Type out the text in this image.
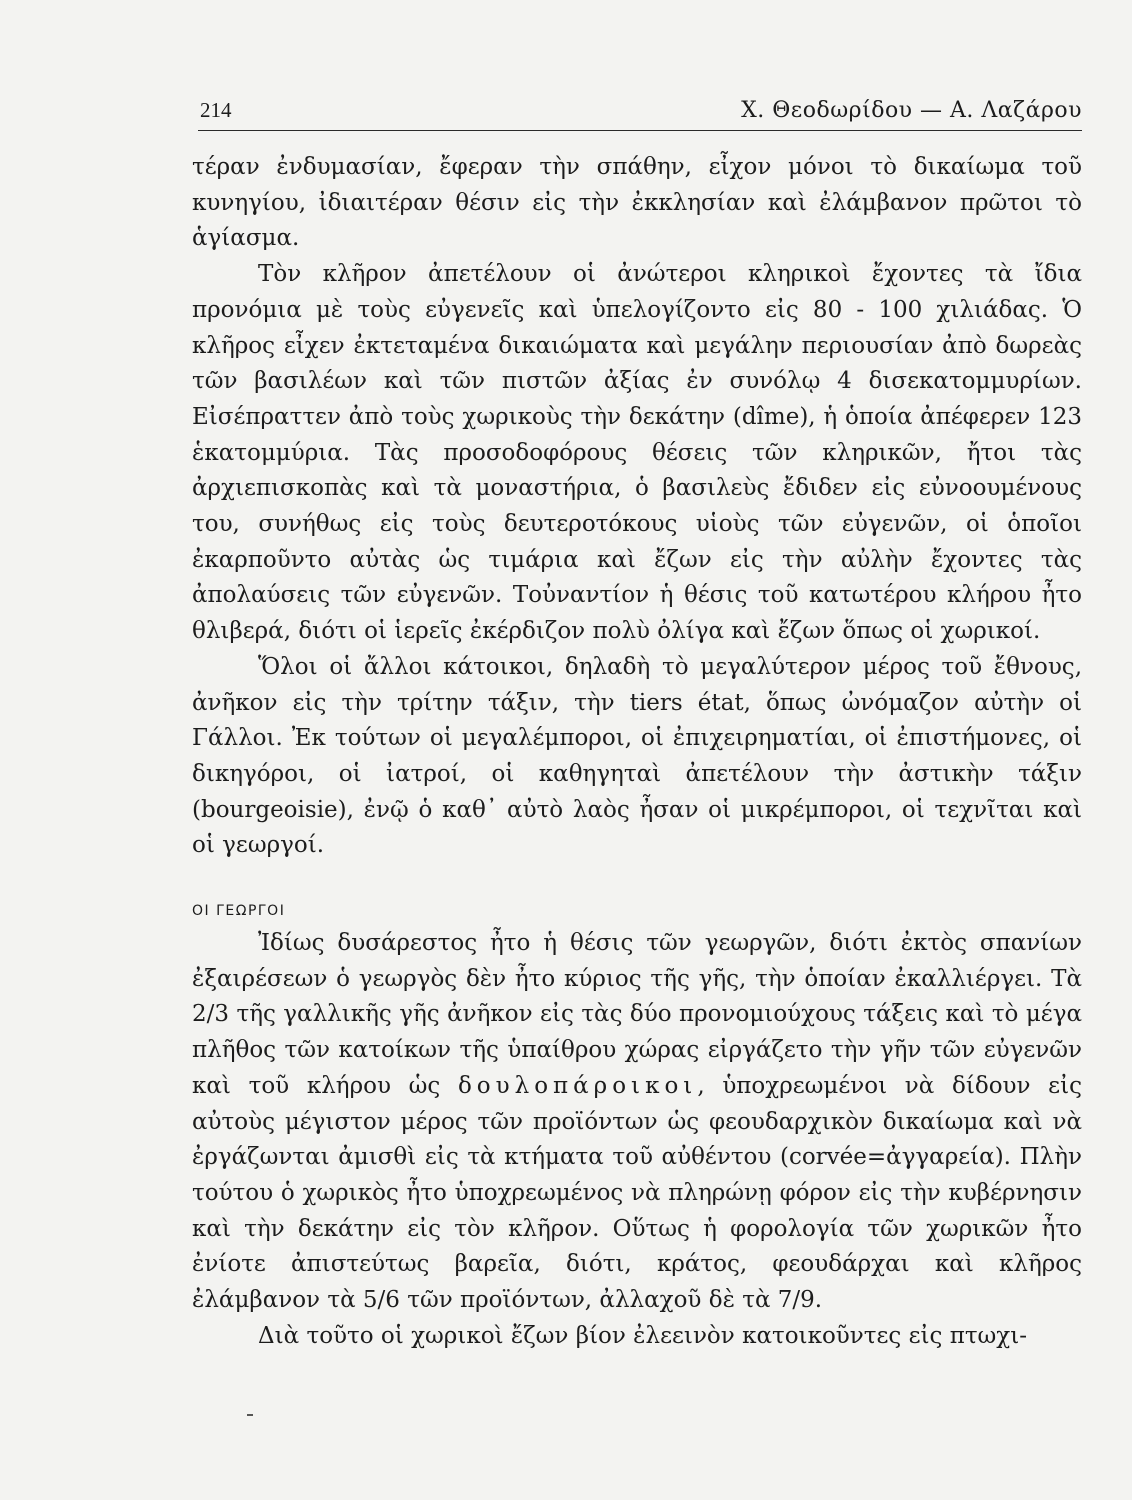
214	Χ. Θεοδωρίδου — Α. Λαζάρου

τέραν ἐνδυμασίαν, ἔφεραν τὴν σπάθην, εἶχον μόνοι τὸ δικαίωμα τοῦ κυνηγίου, ἰδιαιτέραν θέσιν εἰς τὴν ἐκκλησίαν καὶ ἐλάμβανον πρῶτοι τὸ ἁγίασμα.

Τὸν κλῆρον ἀπετέλουν οἱ ἀνώτεροι κληρικοὶ ἔχοντες τὰ ἴδια προνόμια μὲ τοὺς εὐγενεῖς καὶ ὑπελογίζοντο εἰς 80 - 100 χιλιάδας. Ὁ κλῆρος εἶχεν ἐκτεταμένα δικαιώματα καὶ μεγάλην περιουσίαν ἀπὸ δωρεὰς τῶν βασιλέων καὶ τῶν πιστῶν ἀξίας ἐν συνόλῳ 4 δισεκατομμυρίων. Εἰσέπραττεν ἀπὸ τοὺς χωρικοὺς τὴν δεκάτην (dîme), ἡ ὁποία ἀπέφερεν 123 ἑκατομμύρια. Τὰς προσοδοφόρους θέσεις τῶν κληρικῶν, ἤτοι τὰς ἀρχιεπισκοπὰς καὶ τὰ μοναστήρια, ὁ βασιλεὺς ἔδιδεν εἰς εὐνοουμένους του, συνήθως εἰς τοὺς δευτεροτόκους υἱοὺς τῶν εὐγενῶν, οἱ ὁποῖοι ἐκαρποῦντο αὐτὰς ὡς τιμάρια καὶ ἔζων εἰς τὴν αὐλὴν ἔχοντες τὰς ἀπολαύσεις τῶν εὐγενῶν. Τοὐναντίον ἡ θέσις τοῦ κατωτέρου κλήρου ἦτο θλιβερά, διότι οἱ ἱερεῖς ἐκέρδιζον πολὺ ὀλίγα καὶ ἔζων ὅπως οἱ χωρικοί.

Ὅλοι οἱ ἄλλοι κάτοικοι, δηλαδὴ τὸ μεγαλύτερον μέρος τοῦ ἔθνους, ἀνῆκον εἰς τὴν τρίτην τάξιν, τὴν tiers état, ὅπως ὠνόμαζον αὐτὴν οἱ Γάλλοι. Ἐκ τούτων οἱ μεγαλέμποροι, οἱ ἐπιχειρηματίαι, οἱ ἐπιστήμονες, οἱ δικηγόροι, οἱ ἰατροί, οἱ καθηγηταὶ ἀπετέλουν τὴν ἀστικὴν τάξιν (bourgeoisie), ἐνῷ ὁ καθ᾽ αὐτὸ λαὸς ἦσαν οἱ μικρέμποροι, οἱ τεχνῖται καὶ οἱ γεωργοί.

ΟΙ ΓΕΩΡΓΟΙ

Ἰδίως δυσάρεστος ἦτο ἡ θέσις τῶν γεωργῶν, διότι ἐκτὸς σπανίων ἐξαιρέσεων ὁ γεωργὸς δὲν ἦτο κύριος τῆς γῆς, τὴν ὁποίαν ἐκαλλιέργει. Τὰ 2/3 τῆς γαλλικῆς γῆς ἀνῆκον εἰς τὰς δύο προνομιούχους τάξεις καὶ τὸ μέγα πλῆθος τῶν κατοίκων τῆς ὑπαίθρου χώρας εἰργάζετο τὴν γῆν τῶν εὐγενῶν καὶ τοῦ κλήρου ὡς δουλοπάροικοι, ὑποχρεωμένοι νὰ δίδουν εἰς αὐτοὺς μέγιστον μέρος τῶν προϊόντων ὡς φεουδαρχικὸν δικαίωμα καὶ νὰ ἐργάζωνται ἀμισθὶ εἰς τὰ κτήματα τοῦ αὐθέντου (corvée=ἀγγαρεία). Πλὴν τούτου ὁ χωρικὸς ἦτο ὑποχρεωμένος νὰ πληρώνῃ φόρον εἰς τὴν κυβέρνησιν καὶ τὴν δεκάτην εἰς τὸν κλῆρον. Οὕτως ἡ φορολογία τῶν χωρικῶν ἦτο ἐνίοτε ἀπιστεύτως βαρεῖα, διότι, κράτος, φεουδάρχαι καὶ κλῆρος ἐλάμβανον τὰ 5/6 τῶν προϊόντων, ἀλλαχοῦ δὲ τὰ 7/9.

Διὰ τοῦτο οἱ χωρικοὶ ἔζων βίον ἐλεεινὸν κατοικοῦντες εἰς πτωχι-
